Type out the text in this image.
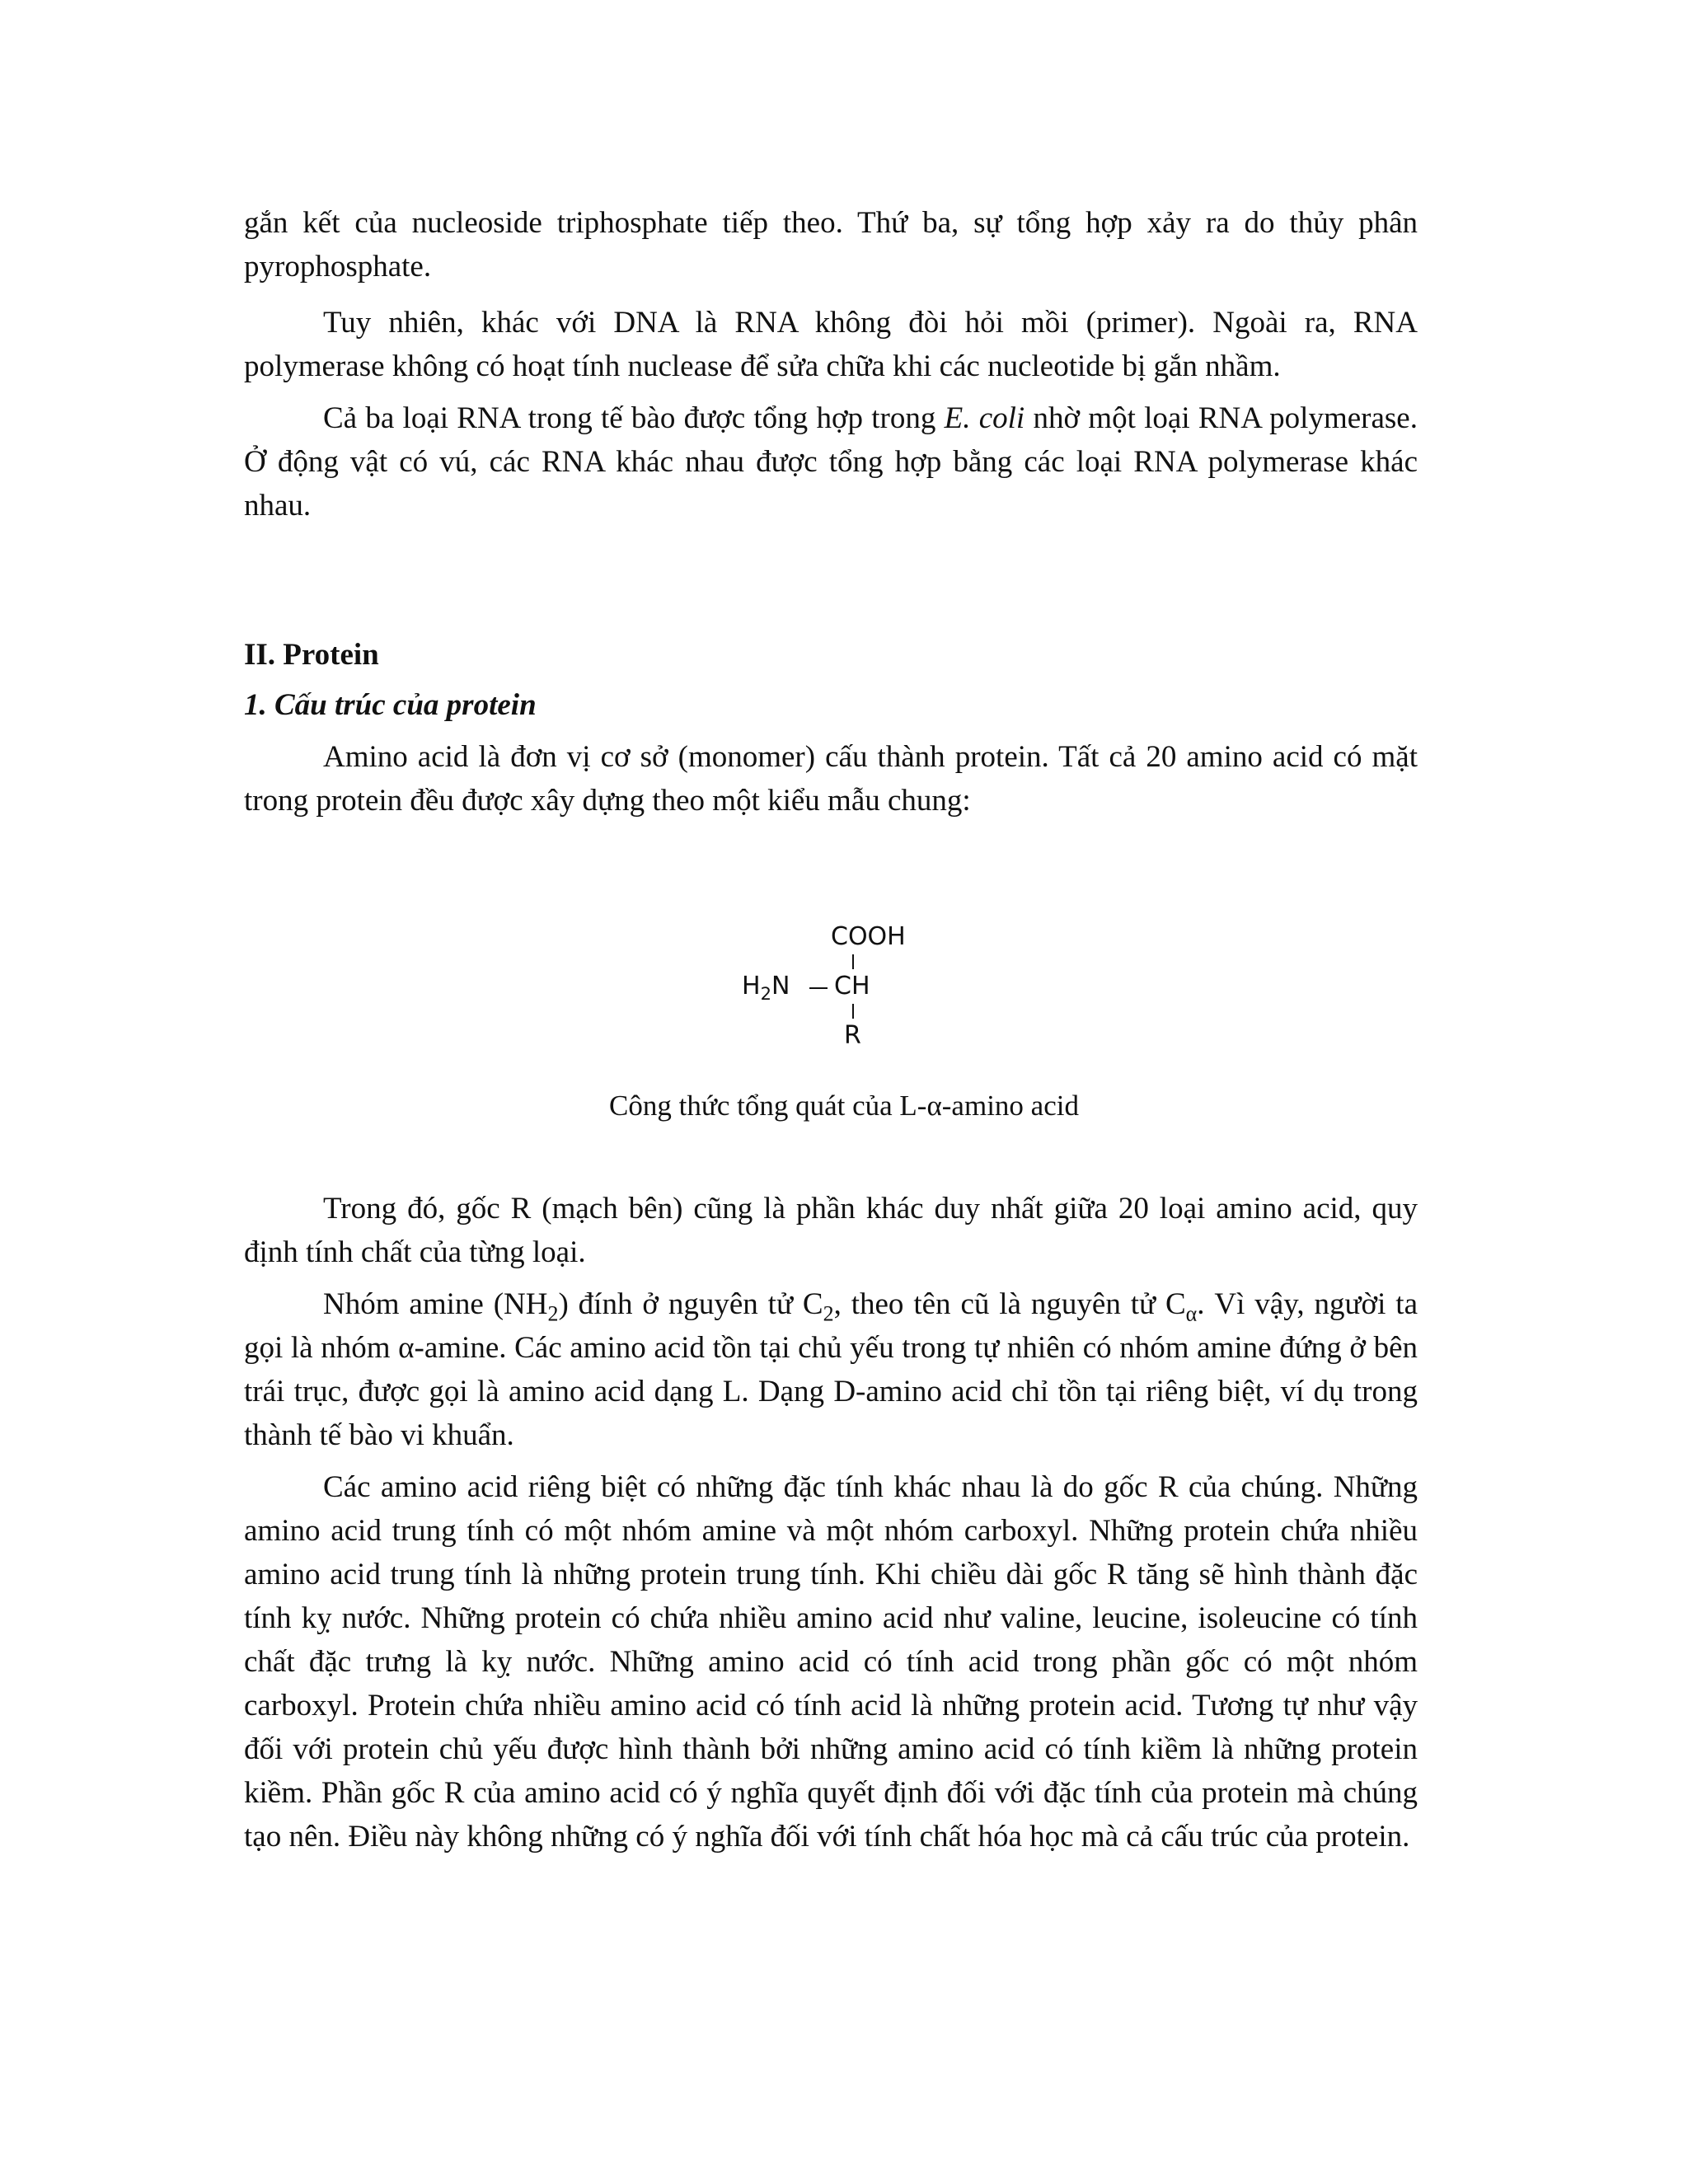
gắn kết của nucleoside triphosphate tiếp theo. Thứ ba, sự tổng hợp xảy ra do thủy phân pyrophosphate.

Tuy nhiên, khác với DNA là RNA không đòi hỏi mồi (primer). Ngoài ra, RNA polymerase không có hoạt tính nuclease để sửa chữa khi các nucleotide bị gắn nhầm.

Cả ba loại RNA trong tế bào được tổng hợp trong E. coli nhờ một loại RNA polymerase. Ở động vật có vú, các RNA khác nhau được tổng hợp bằng các loại RNA polymerase khác nhau.

II. Protein
1. Cấu trúc của protein

Amino acid là đơn vị cơ sở (monomer) cấu thành protein. Tất cả 20 amino acid có mặt trong protein đều được xây dựng theo một kiểu mẫu chung:

COOH
$H_2N$ CH
R

Công thức tổng quát của L-α-amino acid

Trong đó, gốc R (mạch bên) cũng là phần khác duy nhất giữa 20 loại amino acid, quy định tính chất của từng loại.

Nhóm amine $(NH_2)$ đính ở nguyên tử $C_2$, theo tên cũ là nguyên tử $C_\alpha$. Vì vậy, người ta gọi là nhóm α-amine. Các amino acid tồn tại chủ yếu trong tự nhiên có nhóm amine đứng ở bên trái trục, được gọi là amino acid dạng L. Dạng D-amino acid chỉ tồn tại riêng biệt, ví dụ trong thành tế bào vi khuẩn.

Các amino acid riêng biệt có những đặc tính khác nhau là do gốc R của chúng. Những amino acid trung tính có một nhóm amine và một nhóm carboxyl. Những protein chứa nhiều amino acid trung tính là những protein trung tính. Khi chiều dài gốc R tăng sẽ hình thành đặc tính kỵ nước. Những protein có chứa nhiều amino acid như valine, leucine, isoleucine có tính chất đặc trưng là kỵ nước. Những amino acid có tính acid trong phần gốc có một nhóm carboxyl. Protein chứa nhiều amino acid có tính acid là những protein acid. Tương tự như vậy đối với protein chủ yếu được hình thành bởi những amino acid có tính kiềm là những protein kiềm. Phần gốc R của amino acid có ý nghĩa quyết định đối với đặc tính của protein mà chúng tạo nên. Điều này không những có ý nghĩa đối với tính chất hóa học mà cả cấu trúc của protein.
